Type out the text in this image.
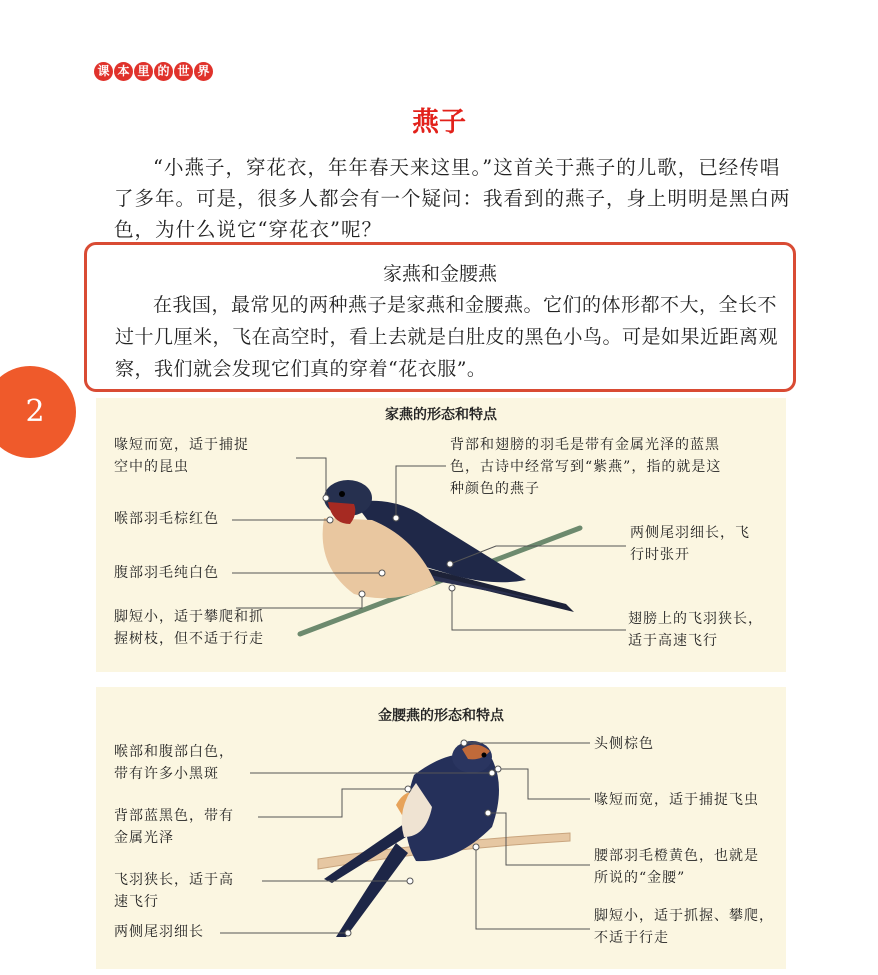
课 本 里 的 世 界
燕子

“小燕子，穿花衣，年年春天来这里。”这首关于燕子的儿歌，已经传唱了多年。可是，很多人都会有一个疑问：我看到的燕子，身上明明是黑白两色，为什么说它“穿花衣”呢？

家燕和金腰燕

在我国，最常见的两种燕子是家燕和金腰燕。它们的体形都不大，全长不过十几厘米，飞在高空时，看上去就是白肚皮的黑色小鸟。可是如果近距离观察，我们就会发现它们真的穿着“花衣服”。

2	家燕的形态和特点
喙短而宽，适于捕捉
空中的昆虫
喉部羽毛棕红色
腹部羽毛纯白色
脚短小，适于攀爬和抓
握树枝，但不适于行走
背部和翅膀的羽毛是带有金属光泽的蓝黑
色，古诗中经常写到“紫燕”，指的就是这
种颜色的燕子
两侧尾羽细长，飞
行时张开
翅膀上的飞羽狭长，
适于高速飞行
金腰燕的形态和特点
喉部和腹部白色，
带有许多小黑斑
背部蓝黑色，带有
金属光泽
飞羽狭长，适于高
速飞行
两侧尾羽细长
头侧棕色
喙短而宽，适于捕捉飞虫
腰部羽毛橙黄色，也就是
所说的“金腰”
脚短小，适于抓握、攀爬，
不适于行走
